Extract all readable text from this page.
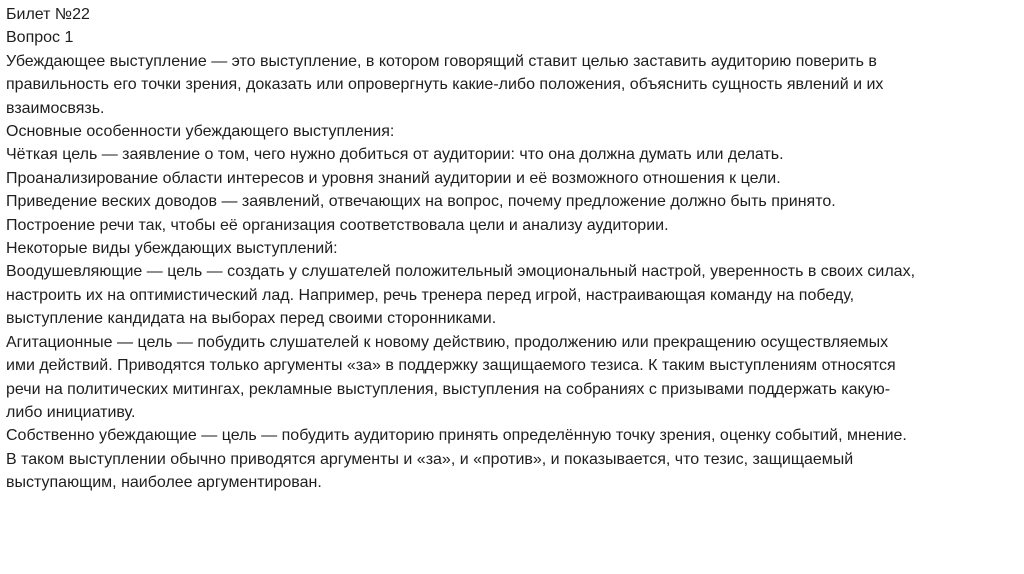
Билет №22
Вопрос 1
Убеждающее выступление — это выступление, в котором говорящий ставит целью заставить аудиторию поверить в
правильность его точки зрения, доказать или опровергнуть какие-либо положения, объяснить сущность явлений и их
взаимосвязь.
Основные особенности убеждающего выступления:
Чёткая цель — заявление о том, чего нужно добиться от аудитории: что она должна думать или делать.
Проанализирование области интересов и уровня знаний аудитории и её возможного отношения к цели.
Приведение веских доводов — заявлений, отвечающих на вопрос, почему предложение должно быть принято.
Построение речи так, чтобы её организация соответствовала цели и анализу аудитории.
Некоторые виды убеждающих выступлений:
Воодушевляющие — цель — создать у слушателей положительный эмоциональный настрой, уверенность в своих силах,
настроить их на оптимистический лад. Например, речь тренера перед игрой, настраивающая команду на победу,
выступление кандидата на выборах перед своими сторонниками.
Агитационные — цель — побудить слушателей к новому действию, продолжению или прекращению осуществляемых
ими действий. Приводятся только аргументы «за» в поддержку защищаемого тезиса. К таким выступлениям относятся
речи на политических митингах, рекламные выступления, выступления на собраниях с призывами поддержать какую-
либо инициативу.
Собственно убеждающие — цель — побудить аудиторию принять определённую точку зрения, оценку событий, мнение.
В таком выступлении обычно приводятся аргументы и «за», и «против», и показывается, что тезис, защищаемый
выступающим, наиболее аргументирован.
